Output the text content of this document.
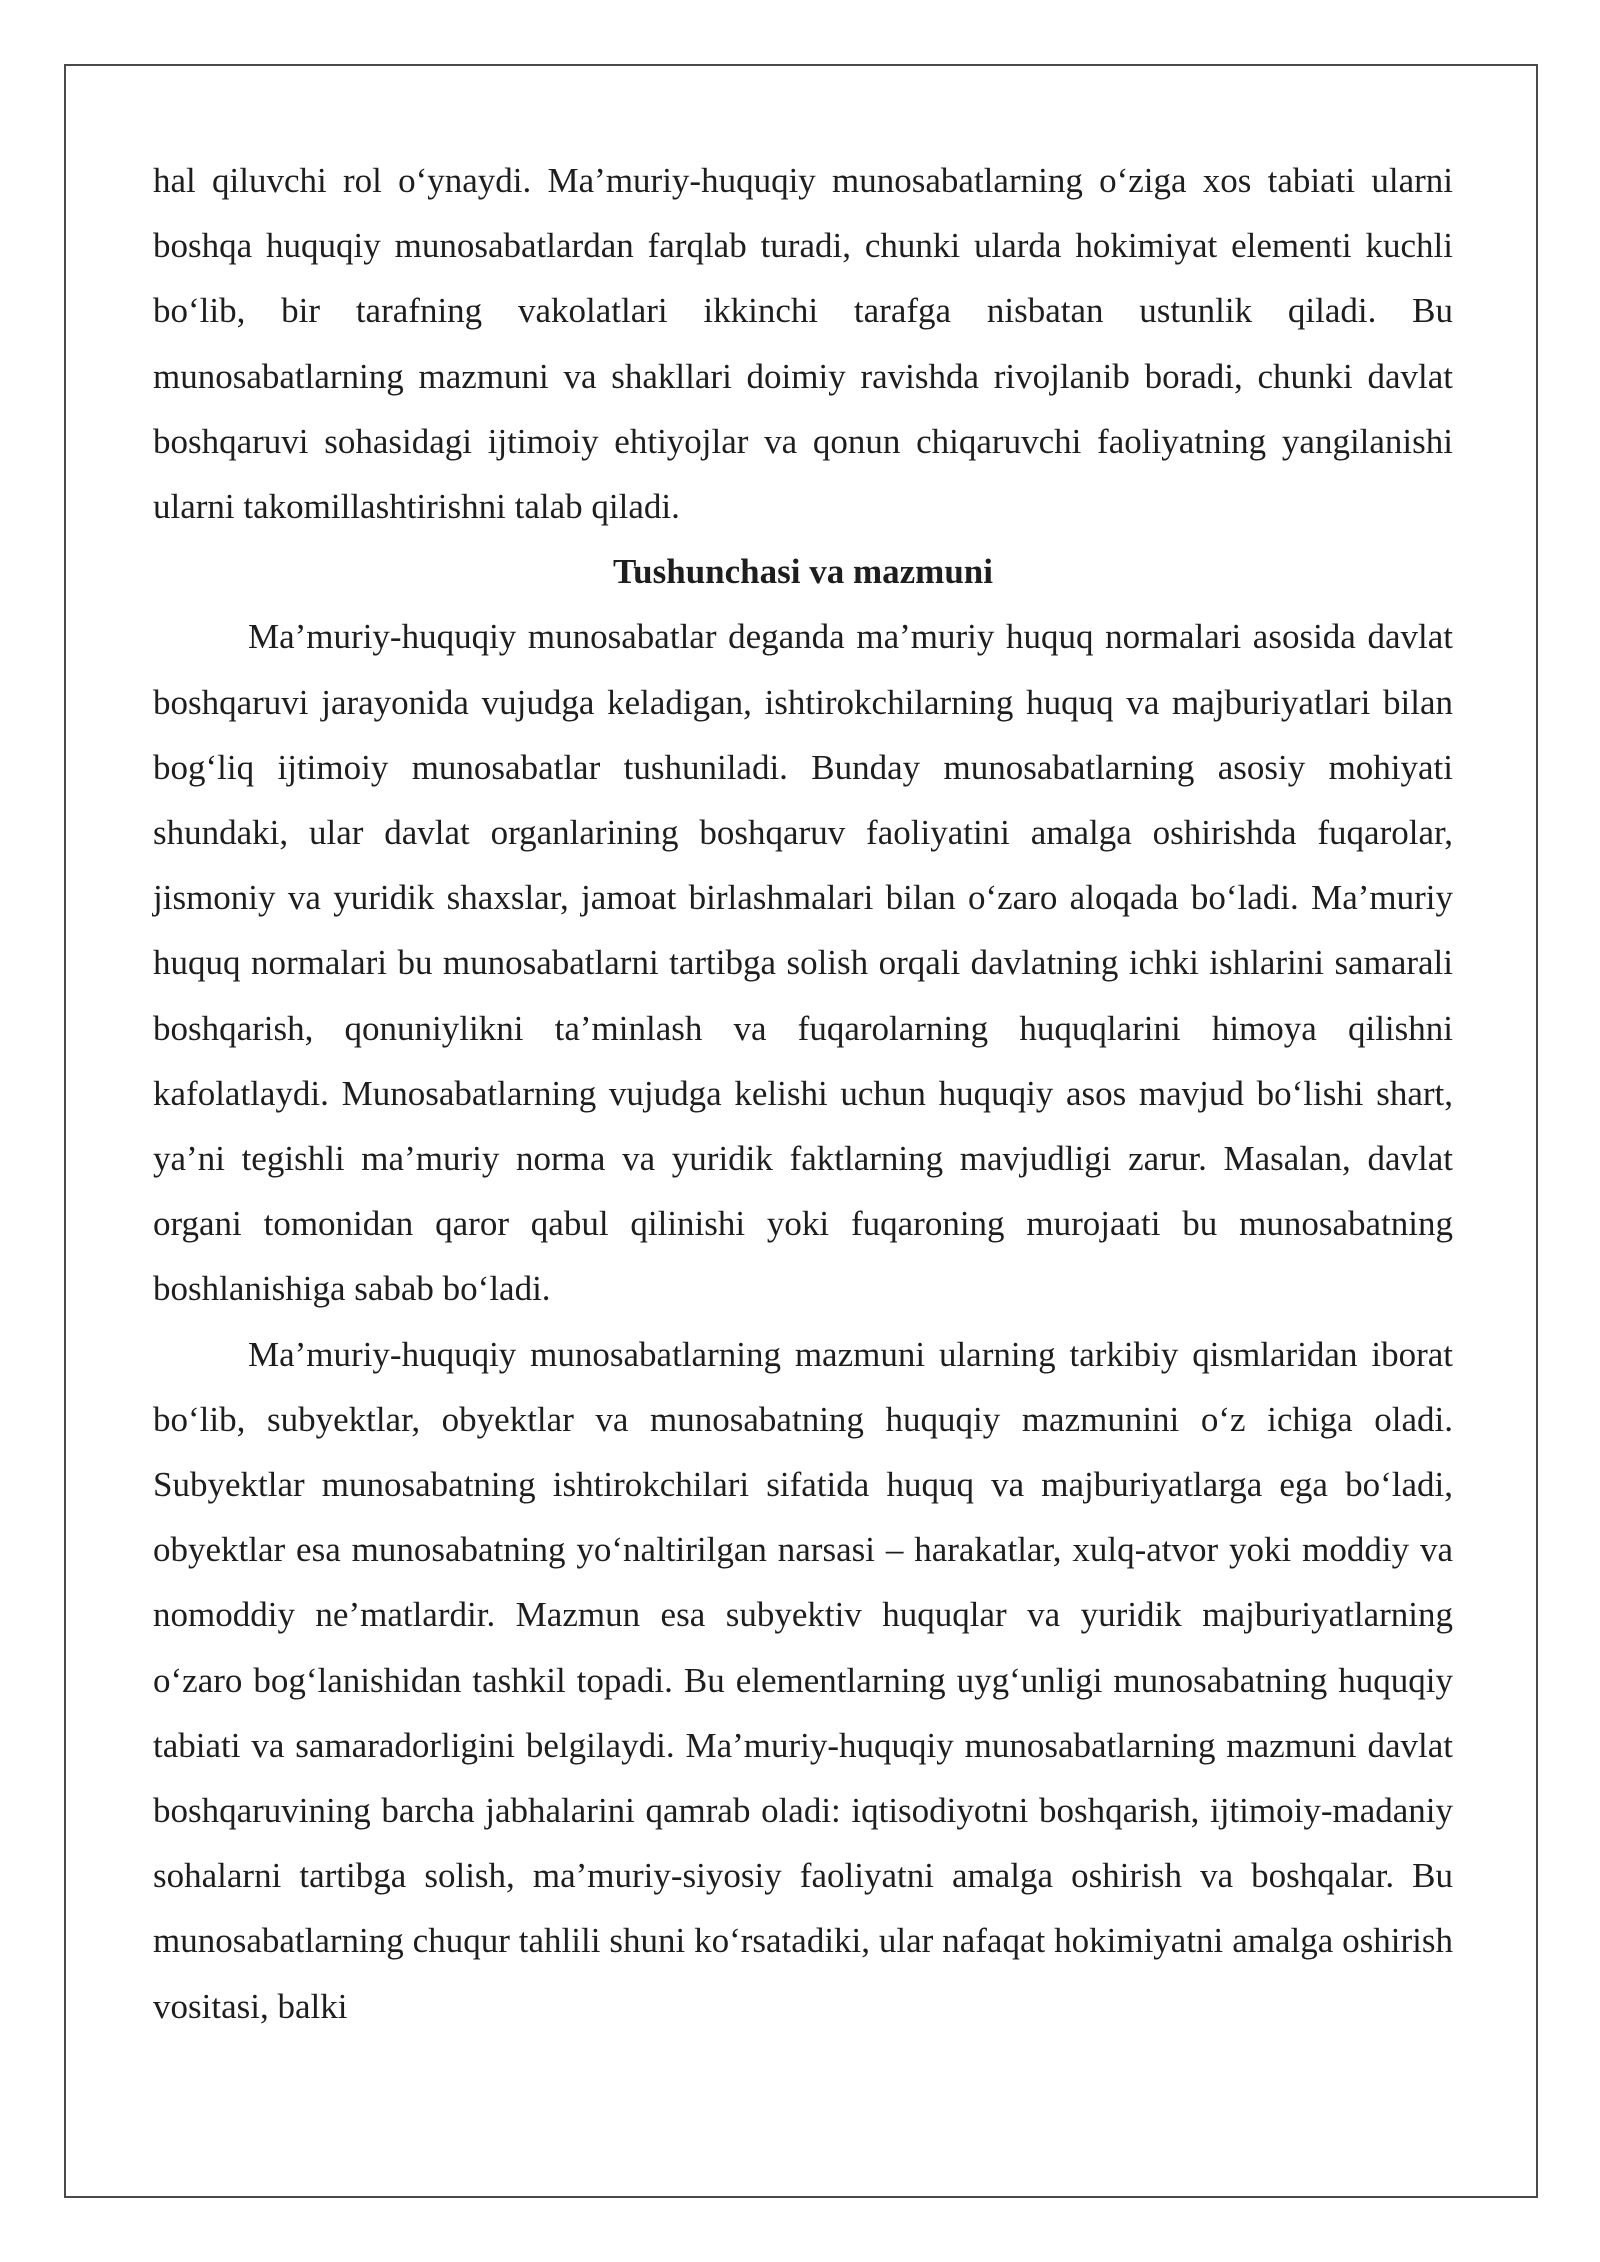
hal qiluvchi rol o‘ynaydi. Ma’muriy-huquqiy munosabatlarning o‘ziga xos tabiati ularni boshqa huquqiy munosabatlardan farqlab turadi, chunki ularda hokimiyat elementi kuchli bo‘lib, bir tarafning vakolatlari ikkinchi tarafga nisbatan ustunlik qiladi. Bu munosabatlarning mazmuni va shakllari doimiy ravishda rivojlanib boradi, chunki davlat boshqaruvi sohasidagi ijtimoiy ehtiyojlar va qonun chiqaruvchi faoliyatning yangilanishi ularni takomillashtirishni talab qiladi.

Tushunchasi va mazmuni

Ma’muriy-huquqiy munosabatlar deganda ma’muriy huquq normalari asosida davlat boshqaruvi jarayonida vujudga keladigan, ishtirokchilarning huquq va majburiyatlari bilan bog‘liq ijtimoiy munosabatlar tushuniladi. Bunday munosabatlarning asosiy mohiyati shundaki, ular davlat organlarining boshqaruv faoliyatini amalga oshirishda fuqarolar, jismoniy va yuridik shaxslar, jamoat birlashmalari bilan o‘zaro aloqada bo‘ladi. Ma’muriy huquq normalari bu munosabatlarni tartibga solish orqali davlatning ichki ishlarini samarali boshqarish, qonuniylikni ta’minlash va fuqarolarning huquqlarini himoya qilishni kafolatlaydi. Munosabatlarning vujudga kelishi uchun huquqiy asos mavjud bo‘lishi shart, ya’ni tegishli ma’muriy norma va yuridik faktlarning mavjudligi zarur. Masalan, davlat organi tomonidan qaror qabul qilinishi yoki fuqaroning murojaati bu munosabatning boshlanishiga sabab bo‘ladi.

Ma’muriy-huquqiy munosabatlarning mazmuni ularning tarkibiy qismlaridan iborat bo‘lib, subyektlar, obyektlar va munosabatning huquqiy mazmunini o‘z ichiga oladi. Subyektlar munosabatning ishtirokchilari sifatida huquq va majburiyatlarga ega bo‘ladi, obyektlar esa munosabatning yo‘naltirilgan narsasi – harakatlar, xulq-atvor yoki moddiy va nomoddiy ne’matlardir. Mazmun esa subyektiv huquqlar va yuridik majburiyatlarning o‘zaro bog‘lanishidan tashkil topadi. Bu elementlarning uyg‘unligi munosabatning huquqiy tabiati va samaradorligini belgilaydi. Ma’muriy-huquqiy munosabatlarning mazmuni davlat boshqaruvining barcha jabhalarini qamrab oladi: iqtisodiyotni boshqarish, ijtimoiy-madaniy sohalarni tartibga solish, ma’muriy-siyosiy faoliyatni amalga oshirish va boshqalar. Bu munosabatlarning chuqur tahlili shuni ko‘rsatadiki, ular nafaqat hokimiyatni amalga oshirish vositasi, balki
